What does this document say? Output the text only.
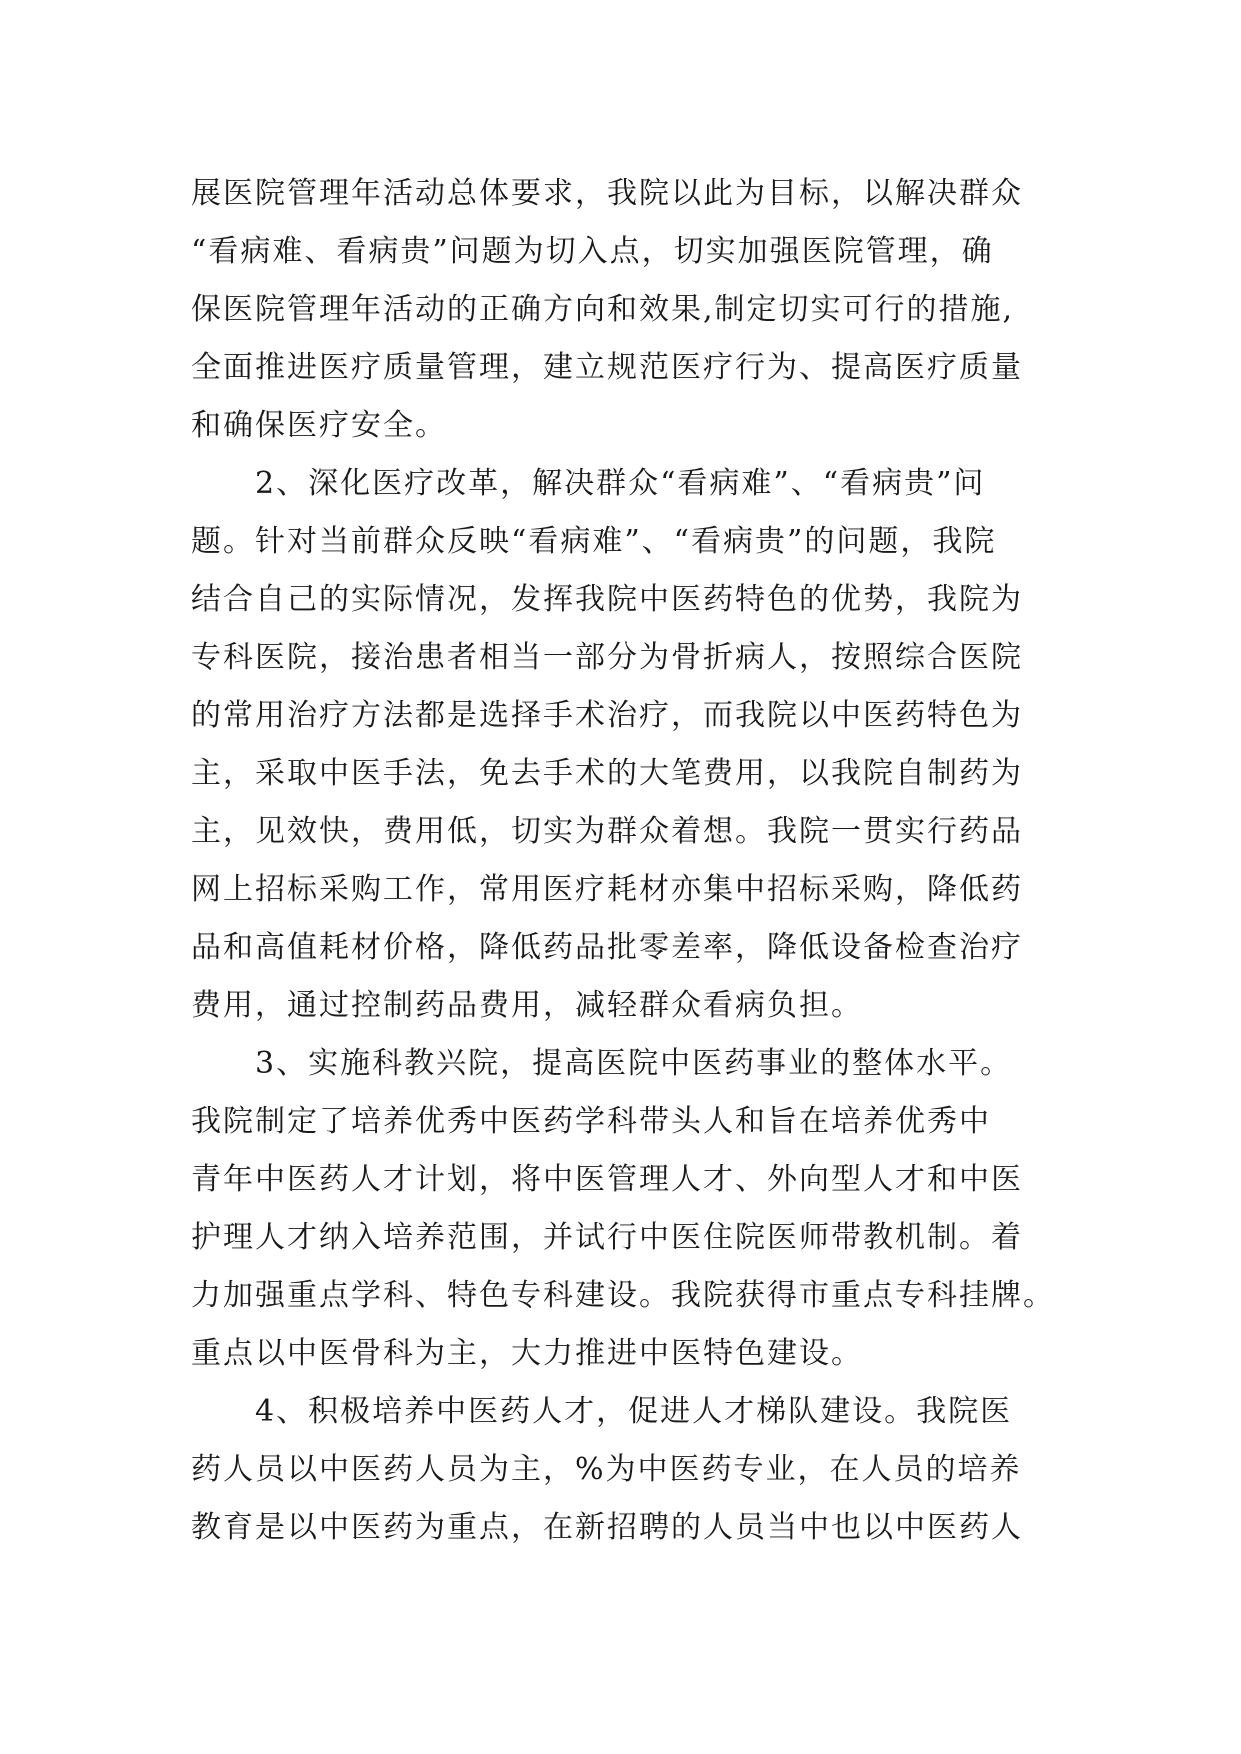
展医院管理年活动总体要求，我院以此为目标，以解决群众
“看病难、看病贵”问题为切入点，切实加强医院管理，确
保医院管理年活动的正确方向和效果,制定切实可行的措施,
全面推进医疗质量管理，建立规范医疗行为、提高医疗质量
和确保医疗安全。
2、深化医疗改革，解决群众“看病难”、“看病贵”问
题。针对当前群众反映“看病难”、“看病贵”的问题，我院
结合自己的实际情况，发挥我院中医药特色的优势，我院为
专科医院，接治患者相当一部分为骨折病人，按照综合医院
的常用治疗方法都是选择手术治疗，而我院以中医药特色为
主，采取中医手法，免去手术的大笔费用，以我院自制药为
主，见效快，费用低，切实为群众着想。我院一贯实行药品
网上招标采购工作，常用医疗耗材亦集中招标采购，降低药
品和高值耗材价格，降低药品批零差率，降低设备检查治疗
费用，通过控制药品费用，减轻群众看病负担。
3、实施科教兴院，提高医院中医药事业的整体水平。
我院制定了培养优秀中医药学科带头人和旨在培养优秀中
青年中医药人才计划，将中医管理人才、外向型人才和中医
护理人才纳入培养范围，并试行中医住院医师带教机制。着
力加强重点学科、特色专科建设。我院获得市重点专科挂牌。
重点以中医骨科为主，大力推进中医特色建设。
4、积极培养中医药人才，促进人才梯队建设。我院医
药人员以中医药人员为主，%为中医药专业，在人员的培养
教育是以中医药为重点，在新招聘的人员当中也以中医药人
